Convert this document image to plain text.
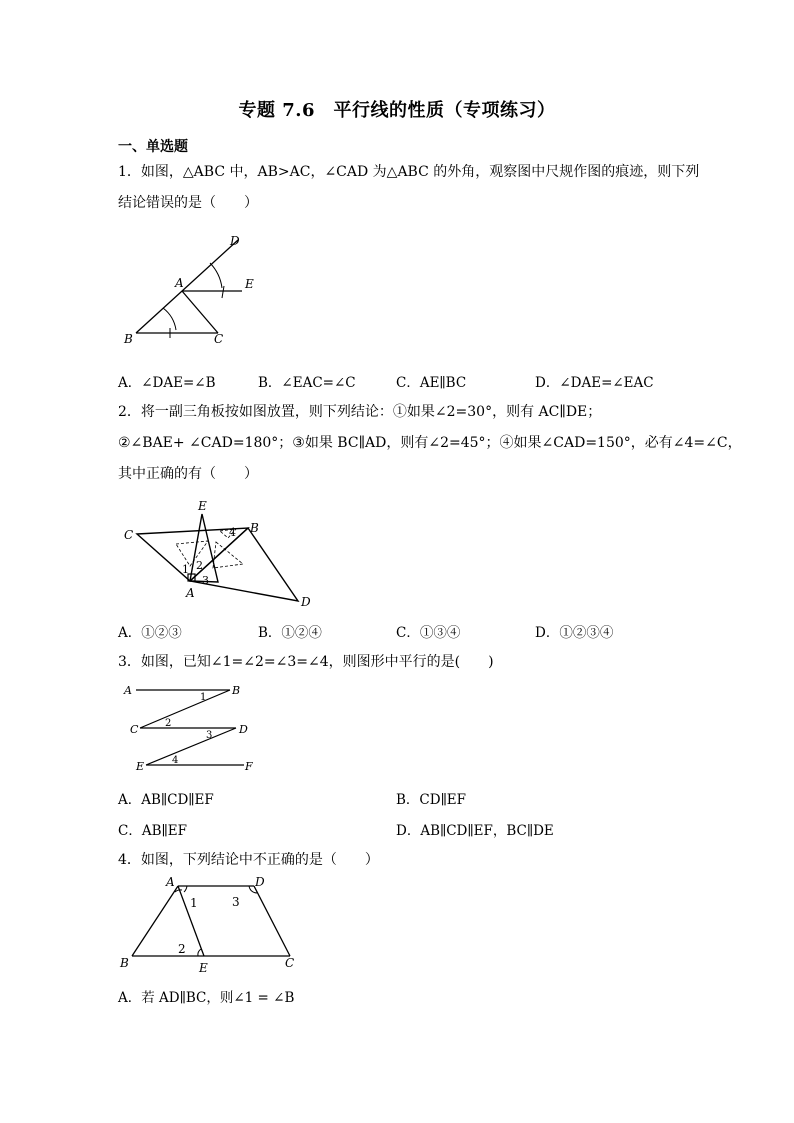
专题 7.6　平行线的性质（专项练习）
一、单选题
1．如图，△ABC 中，AB>AC，∠CAD 为△ABC 的外角，观察图中尺规作图的痕迹，则下列
结论错误的是（　　）
A
B	C
D
E
A．∠DAE=∠B	B．∠EAC=∠C	C．AE∥BC	D．∠DAE=∠EAC
2．将一副三角板按如图放置，则下列结论：①如果∠2=30°，则有 AC∥DE；
②∠BAE+ ∠CAD=180°；③如果 BC∥AD，则有∠2=45°；④如果∠CAD=150°，必有∠4=∠C，
其中正确的有（　　）
E
B
C
A
D
1 2
3
4
A．①②③	B．①②④	C．①③④	D．①②③④
3．如图，已知∠1=∠2=∠3=∠4，则图形中平行的是(　　)
A	B
C	D
E	F
1
2
3
4
A．AB∥CD∥EF	B．CD∥EF
C．AB∥EF	D．AB∥CD∥EF，BC∥DE
4．如图，下列结论中不正确的是（　　）
A	D
B	E	C
1
2
3
A．若 AD∥BC，则∠1 = ∠B
